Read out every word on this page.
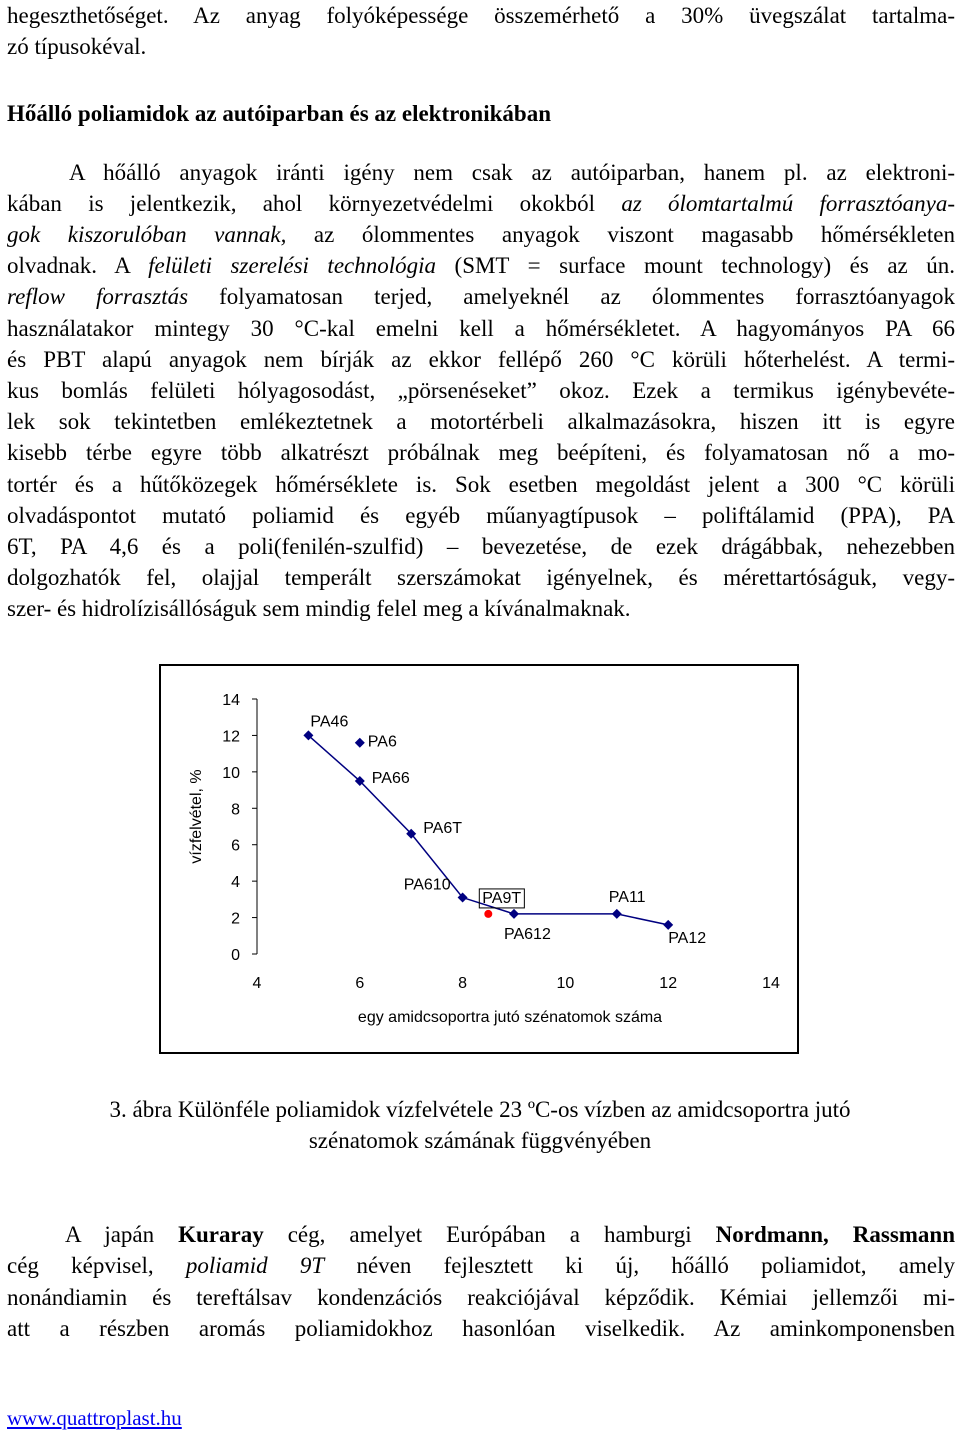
hegeszthetőséget. Az anyag folyóképessége összemérhető a 30% üvegszálat tartalma-
zó típusokéval.
Hőálló poliamidok az autóiparban és az elektronikában
A hőálló anyagok iránti igény nem csak az autóiparban, hanem pl. az elektroni-
kában is jelentkezik, ahol környezetvédelmi okokból az ólomtartalmú forrasztóanya-
gok kiszorulóban vannak, az ólommentes anyagok viszont magasabb hőmérsékleten
olvadnak. A felületi szerelési technológia (SMT = surface mount technology) és az ún.
reflow forrasztás folyamatosan terjed, amelyeknél az ólommentes forrasztóanyagok
használatakor mintegy 30 °C-kal emelni kell a hőmérsékletet. A hagyományos PA 66
és PBT alapú anyagok nem bírják az ekkor fellépő 260 °C körüli hőterhelést. A termi-
kus bomlás felületi hólyagosodást, „pörsenéseket” okoz. Ezek a termikus igénybevéte-
lek sok tekintetben emlékeztetnek a motortérbeli alkalmazásokra, hiszen itt is egyre
kisebb térbe egyre több alkatrészt próbálnak meg beépíteni, és folyamatosan nő a mo-
tortér és a hűtőközegek hőmérséklete is. Sok esetben megoldást jelent a 300 °C körüli
olvadáspontot mutató poliamid és egyéb műanyagtípusok – poliftálamid (PPA), PA
6T, PA 4,6 és a poli(fenilén-szulfid) – bevezetése, de ezek drágábbak, nehezebben
dolgozhatók fel, olajjal temperált szerszámokat igényelnek, és mérettartóságuk, vegy-
szer- és hidrolízisállóságuk sem mindig felel meg a kívánalmaknak.
0
2
4
6
8
10
12
14
4	6	8	10	12	14
PA46
PA66
PA6T
PA610
PA612
PA11
PA12
PA6
PA9T
egy amidcsoportra jutó szénatomok száma
vízfelvétel, %
3. ábra Különféle poliamidok vízfelvétele 23 ºC-os vízben az amidcsoportra jutó
szénatomok számának függvényében
A japán Kuraray cég, amelyet Európában a hamburgi Nordmann, Rassmann
cég képvisel, poliamid 9T néven fejlesztett ki új, hőálló poliamidot, amely
nonándiamin és tereftálsav kondenzációs reakciójával képződik. Kémiai jellemzői mi-
att a részben aromás poliamidokhoz hasonlóan viselkedik. Az aminkomponensben
www.quattroplast.hu
